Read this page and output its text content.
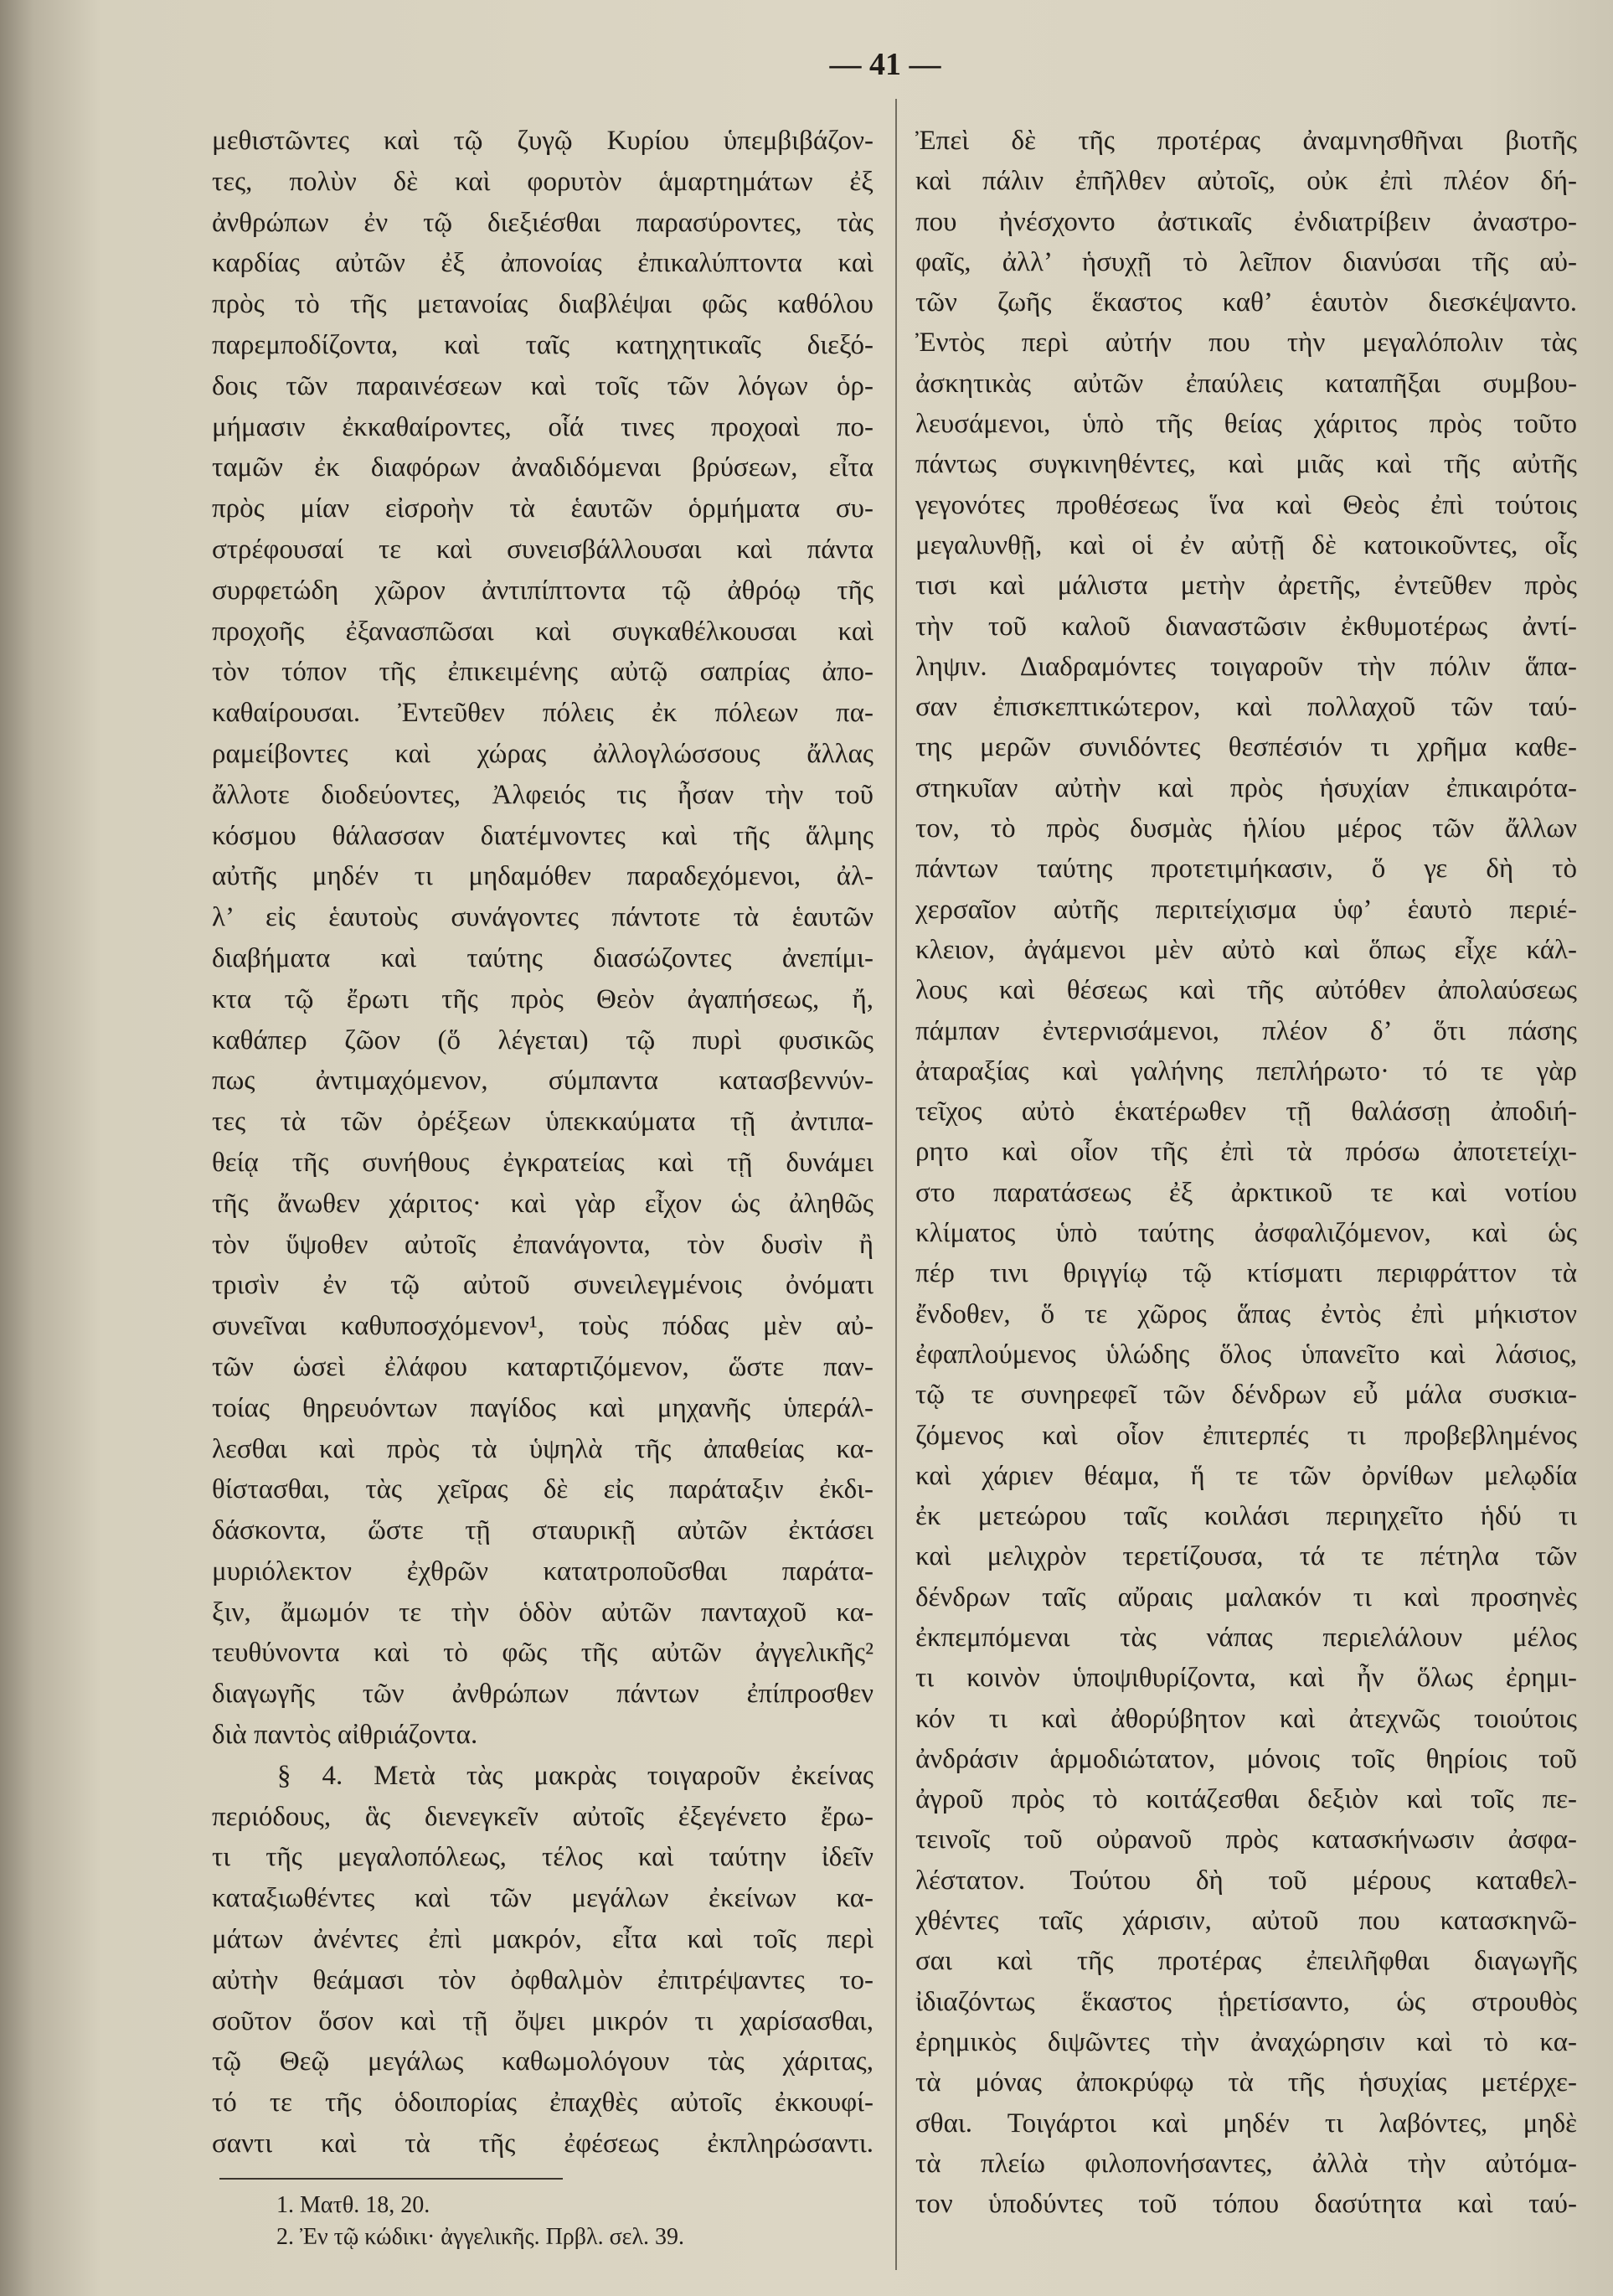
— 41 —
μεθιστῶντες καὶ τῷ ζυγῷ Κυρίου ὑπεμβιβάζον-
τες, πολὺν δὲ καὶ φορυτὸν ἁμαρτημάτων ἐξ
ἀνθρώπων ἐν τῷ διεξιέσθαι παρασύροντες, τὰς
καρδίας αὐτῶν ἐξ ἀπονοίας ἐπικαλύπτοντα καὶ
πρὸς τὸ τῆς μετανοίας διαβλέψαι φῶς καθόλου
παρεμποδίζοντα, καὶ ταῖς κατηχητικαῖς διεξό-
δοις τῶν παραινέσεων καὶ τοῖς τῶν λόγων ὁρ-
μήμασιν ἐκκαθαίροντες, οἷά τινες προχοαὶ πο-
ταμῶν ἐκ διαφόρων ἀναδιδόμεναι βρύσεων, εἶτα
πρὸς μίαν εἰσροὴν τὰ ἑαυτῶν ὁρμήματα συ-
στρέφουσαί τε καὶ συνεισβάλλουσαι καὶ πάντα
συρφετώδη χῶρον ἀντιπίπτοντα τῷ ἀθρόῳ τῆς
προχοῆς ἐξανασπῶσαι καὶ συγκαθέλκουσαι καὶ
τὸν τόπον τῆς ἐπικειμένης αὐτῷ σαπρίας ἀπο-
καθαίρουσαι. Ἐντεῦθεν πόλεις ἐκ πόλεων πα-
ραμείβοντες καὶ χώρας ἀλλογλώσσους ἄλλας
ἄλλοτε διοδεύοντες, Ἀλφειός τις ἦσαν τὴν τοῦ
κόσμου θάλασσαν διατέμνοντες καὶ τῆς ἅλμης
αὐτῆς μηδέν τι μηδαμόθεν παραδεχόμενοι, ἀλ-
λ’ εἰς ἑαυτοὺς συνάγοντες πάντοτε τὰ ἑαυτῶν
διαβήματα καὶ ταύτης διασώζοντες ἀνεπίμι-
κτα τῷ ἔρωτι τῆς πρὸς Θεὸν ἀγαπήσεως, ἤ,
καθάπερ ζῶον (ὅ λέγεται) τῷ πυρὶ φυσικῶς
πως ἀντιμαχόμενον, σύμπαντα κατασβεννύν-
τες τὰ τῶν ὀρέξεων ὑπεκκαύματα τῇ ἀντιπα-
θείᾳ τῆς συνήθους ἐγκρατείας καὶ τῇ δυνάμει
τῆς ἄνωθεν χάριτος· καὶ γὰρ εἶχον ὡς ἀληθῶς
τὸν ὕψοθεν αὐτοῖς ἐπανάγοντα, τὸν δυσὶν ἢ
τρισὶν ἐν τῷ αὐτοῦ συνειλεγμένοις ὀνόματι
συνεῖναι καθυποσχόμενον¹, τοὺς πόδας μὲν αὐ-
τῶν ὡσεὶ ἐλάφου καταρτιζόμενον, ὥστε παν-
τοίας θηρευόντων παγίδος καὶ μηχανῆς ὑπεράλ-
λεσθαι καὶ πρὸς τὰ ὑψηλὰ τῆς ἀπαθείας κα-
θίστασθαι, τὰς χεῖρας δὲ εἰς παράταξιν ἐκδι-
δάσκοντα, ὥστε τῇ σταυρικῇ αὐτῶν ἐκτάσει
μυριόλεκτον ἐχθρῶν κατατροποῦσθαι παράτα-
ξιν, ἄμωμόν τε τὴν ὁδὸν αὐτῶν πανταχοῦ κα-
τευθύνοντα καὶ τὸ φῶς τῆς αὐτῶν ἀγγελικῆς²
διαγωγῆς τῶν ἀνθρώπων πάντων ἐπίπροσθεν
διὰ παντὸς αἰθριάζοντα.
§ 4. Μετὰ τὰς μακρὰς τοιγαροῦν ἐκείνας
περιόδους, ἃς διενεγκεῖν αὐτοῖς ἐξεγένετο ἔρω-
τι τῆς μεγαλοπόλεως, τέλος καὶ ταύτην ἰδεῖν
καταξιωθέντες καὶ τῶν μεγάλων ἐκείνων κα-
μάτων ἀνέντες ἐπὶ μακρόν, εἶτα καὶ τοῖς περὶ
αὐτὴν θεάμασι τὸν ὀφθαλμὸν ἐπιτρέψαντες το-
σοῦτον ὅσον καὶ τῇ ὄψει μικρόν τι χαρίσασθαι,
τῷ Θεῷ μεγάλως καθωμολόγουν τὰς χάριτας,
τό τε τῆς ὁδοιπορίας ἐπαχθὲς αὐτοῖς ἐκκουφί-
σαντι καὶ τὰ τῆς ἐφέσεως ἐκπληρώσαντι.
Ἐπεὶ δὲ τῆς προτέρας ἀναμνησθῆναι βιοτῆς
καὶ πάλιν ἐπῆλθεν αὐτοῖς, οὐκ ἐπὶ πλέον δή-
που ἠνέσχοντο ἀστικαῖς ἐνδιατρίβειν ἀναστρο-
φαῖς, ἀλλ’ ἡσυχῇ τὸ λεῖπον διανύσαι τῆς αὐ-
τῶν ζωῆς ἕκαστος καθ’ ἑαυτὸν διεσκέψαντο.
Ἐντὸς περὶ αὐτήν που τὴν μεγαλόπολιν τὰς
ἀσκητικὰς αὐτῶν ἐπαύλεις καταπῆξαι συμβου-
λευσάμενοι, ὑπὸ τῆς θείας χάριτος πρὸς τοῦτο
πάντως συγκινηθέντες, καὶ μιᾶς καὶ τῆς αὐτῆς
γεγονότες προθέσεως ἵνα καὶ Θεὸς ἐπὶ τούτοις
μεγαλυνθῇ, καὶ οἱ ἐν αὐτῇ δὲ κατοικοῦντες, οἷς
τισι καὶ μάλιστα μετὴν ἀρετῆς, ἐντεῦθεν πρὸς
τὴν τοῦ καλοῦ διαναστῶσιν ἐκθυμοτέρως ἀντί-
ληψιν. Διαδραμόντες τοιγαροῦν τὴν πόλιν ἅπα-
σαν ἐπισκεπτικώτερον, καὶ πολλαχοῦ τῶν ταύ-
της μερῶν συνιδόντες θεσπέσιόν τι χρῆμα καθε-
στηκυῖαν αὐτὴν καὶ πρὸς ἡσυχίαν ἐπικαιρότα-
τον, τὸ πρὸς δυσμὰς ἡλίου μέρος τῶν ἄλλων
πάντων ταύτης προτετιμήκασιν, ὅ γε δὴ τὸ
χερσαῖον αὐτῆς περιτείχισμα ὑφ’ ἑαυτὸ περιέ-
κλειον, ἀγάμενοι μὲν αὐτὸ καὶ ὅπως εἶχε κάλ-
λους καὶ θέσεως καὶ τῆς αὐτόθεν ἀπολαύσεως
πάμπαν ἐντερνισάμενοι, πλέον δ’ ὅτι πάσης
ἀταραξίας καὶ γαλήνης πεπλήρωτο· τό τε γὰρ
τεῖχος αὐτὸ ἑκατέρωθεν τῇ θαλάσσῃ ἀποδιή-
ρητο καὶ οἷον τῆς ἐπὶ τὰ πρόσω ἀποτετείχι-
στο παρατάσεως ἐξ ἀρκτικοῦ τε καὶ νοτίου
κλίματος ὑπὸ ταύτης ἀσφαλιζόμενον, καὶ ὡς
πέρ τινι θριγγίῳ τῷ κτίσματι περιφράττον τὰ
ἔνδοθεν, ὅ τε χῶρος ἅπας ἐντὸς ἐπὶ μήκιστον
ἐφαπλούμενος ὑλώδης ὅλος ὑπανεῖτο καὶ λάσιος,
τῷ τε συνηρεφεῖ τῶν δένδρων εὖ μάλα συσκια-
ζόμενος καὶ οἷον ἐπιτερπές τι προβεβλημένος
καὶ χάριεν θέαμα, ἥ τε τῶν ὀρνίθων μελῳδία
ἐκ μετεώρου ταῖς κοιλάσι περιηχεῖτο ἡδύ τι
καὶ μελιχρὸν τερετίζουσα, τά τε πέτηλα τῶν
δένδρων ταῖς αὔραις μαλακόν τι καὶ προσηνὲς
ἐκπεμπόμεναι τὰς νάπας περιελάλουν μέλος
τι κοινὸν ὑποψιθυρίζοντα, καὶ ἦν ὅλως ἐρημι-
κόν τι καὶ ἀθορύβητον καὶ ἀτεχνῶς τοιούτοις
ἀνδράσιν ἁρμοδιώτατον, μόνοις τοῖς θηρίοις τοῦ
ἀγροῦ πρὸς τὸ κοιτάζεσθαι δεξιὸν καὶ τοῖς πε-
τεινοῖς τοῦ οὐρανοῦ πρὸς κατασκήνωσιν ἀσφα-
λέστατον. Τούτου δὴ τοῦ μέρους καταθελ-
χθέντες ταῖς χάρισιν, αὐτοῦ που κατασκηνῶ-
σαι καὶ τῆς προτέρας ἐπειλῆφθαι διαγωγῆς
ἰδιαζόντως ἕκαστος ᾑρετίσαντο, ὡς στρουθὸς
ἐρημικὸς διψῶντες τὴν ἀναχώρησιν καὶ τὸ κα-
τὰ μόνας ἀποκρύφῳ τὰ τῆς ἡσυχίας μετέρχε-
σθαι. Τοιγάρτοι καὶ μηδέν τι λαβόντες, μηδὲ
τὰ πλείω φιλοπονήσαντες, ἀλλὰ τὴν αὐτόμα-
τον ὑποδύντες τοῦ τόπου δασύτητα καὶ ταύ-
1. Ματθ. 18, 20.
2. Ἐν τῷ κώδικι· ἀγγελικῆς. Πρβλ. σελ. 39.
